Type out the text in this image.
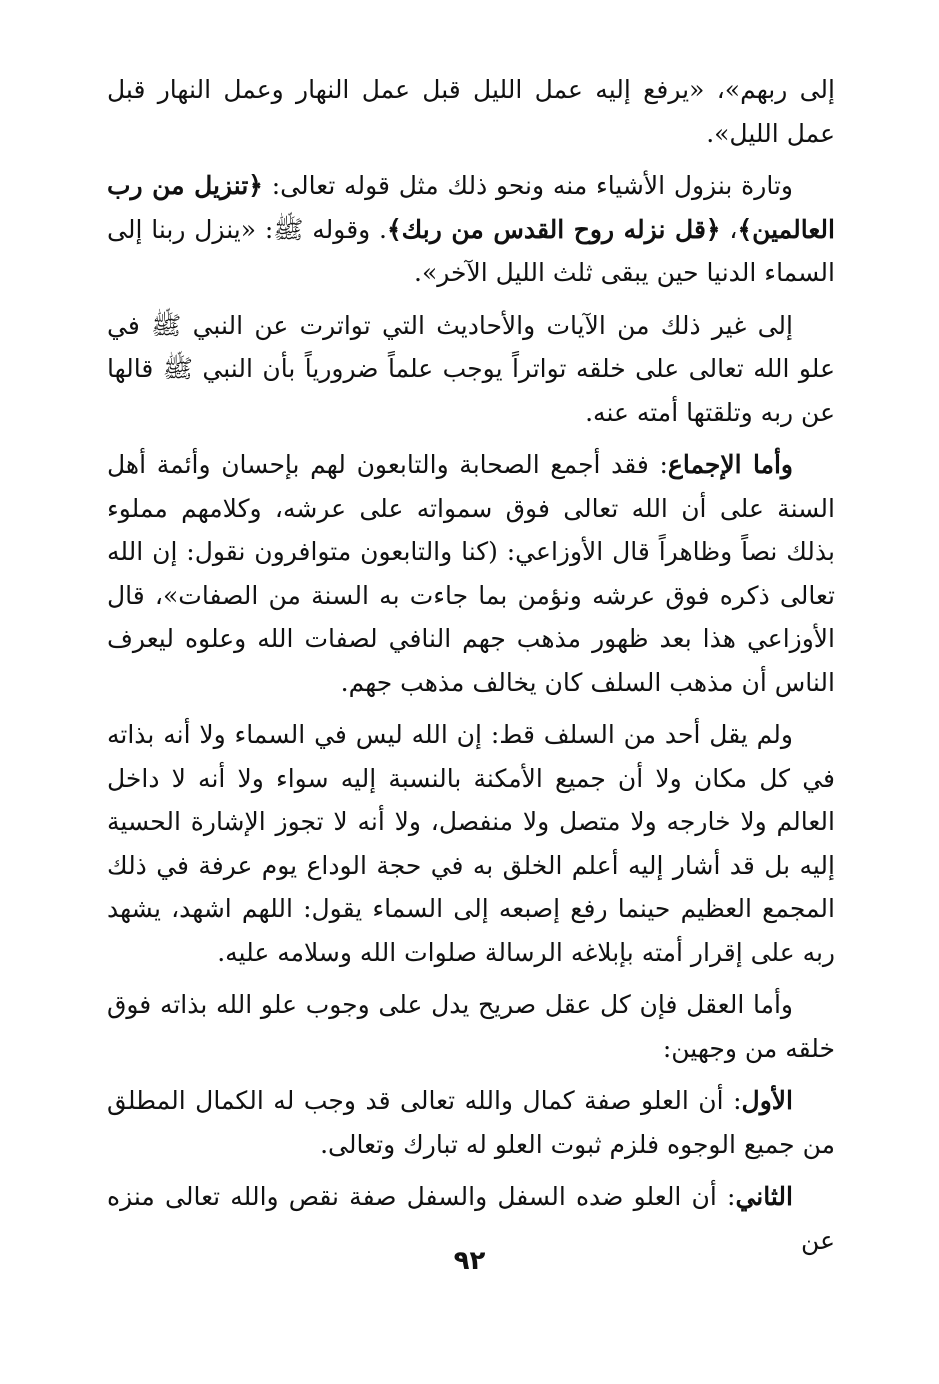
إلى ربهم»، «يرفع إليه عمل الليل قبل عمل النهار وعمل النهار قبل عمل الليل».

وتارة بنزول الأشياء منه ونحو ذلك مثل قوله تعالى: ﴿تنزيل من رب العالمين﴾، ﴿قل نزله روح القدس من ربك﴾. وقوله ﷺ: «ينزل ربنا إلى السماء الدنيا حين يبقى ثلث الليل الآخر».

إلى غير ذلك من الآيات والأحاديث التي تواترت عن النبي ﷺ في علو الله تعالى على خلقه تواتراً يوجب علماً ضرورياً بأن النبي ﷺ قالها عن ربه وتلقتها أمته عنه.

وأما الإجماع: فقد أجمع الصحابة والتابعون لهم بإحسان وأئمة أهل السنة على أن الله تعالى فوق سمواته على عرشه، وكلامهم مملوء بذلك نصاً وظاهراً قال الأوزاعي: (كنا والتابعون متوافرون نقول: إن الله تعالى ذكره فوق عرشه ونؤمن بما جاءت به السنة من الصفات»، قال الأوزاعي هذا بعد ظهور مذهب جهم النافي لصفات الله وعلوه ليعرف الناس أن مذهب السلف كان يخالف مذهب جهم.

ولم يقل أحد من السلف قط: إن الله ليس في السماء ولا أنه بذاته في كل مكان ولا أن جميع الأمكنة بالنسبة إليه سواء ولا أنه لا داخل العالم ولا خارجه ولا متصل ولا منفصل، ولا أنه لا تجوز الإشارة الحسية إليه بل قد أشار إليه أعلم الخلق به في حجة الوداع يوم عرفة في ذلك المجمع العظيم حينما رفع إصبعه إلى السماء يقول: اللهم اشهد، يشهد ربه على إقرار أمته بإبلاغه الرسالة صلوات الله وسلامه عليه.

وأما العقل فإن كل عقل صريح يدل على وجوب علو الله بذاته فوق خلقه من وجهين:

الأول: أن العلو صفة كمال والله تعالى قد وجب له الكمال المطلق من جميع الوجوه فلزم ثبوت العلو له تبارك وتعالى.

الثاني: أن العلو ضده السفل والسفل صفة نقص والله تعالى منزه عن

٩٢
